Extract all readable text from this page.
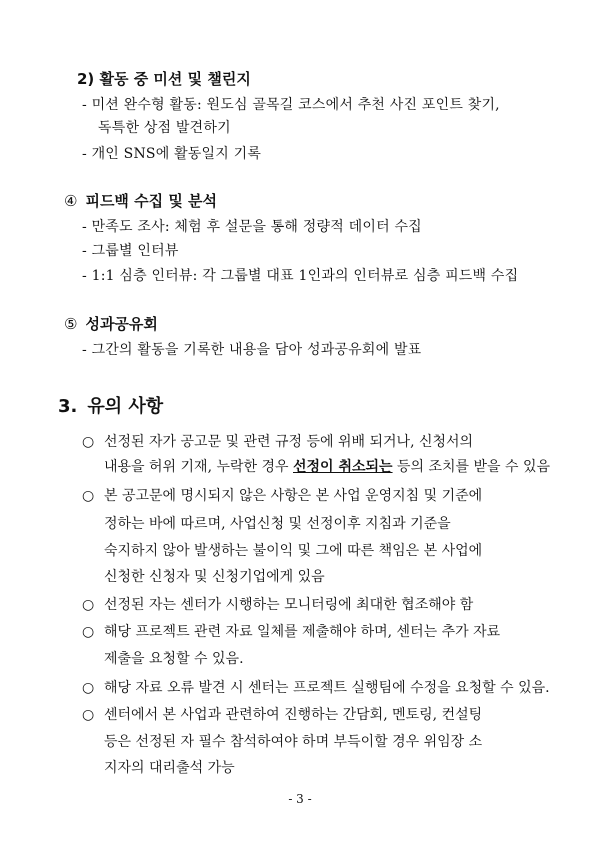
2) 활동 중 미션 및 챌린지
- 미션 완수형 활동: 원도심 골목길 코스에서 추천 사진 포인트 찾기,
독특한 상점 발견하기
- 개인 SNS에 활동일지 기록
④ 피드백 수집 및 분석
- 만족도 조사: 체험 후 설문을 통해 정량적 데이터 수집
- 그룹별 인터뷰
- 1:1 심층 인터뷰: 각 그룹별 대표 1인과의 인터뷰로 심층 피드백 수집
⑤ 성과공유회
- 그간의 활동을 기록한 내용을 담아 성과공유회에 발표
3. 유의 사항
○ 선정된 자가 공고문 및 관련 규정 등에 위배 되거나, 신청서의
내용을 허위 기재, 누락한 경우 선정이 취소되는 등의 조치를 받을 수 있음
○ 본 공고문에 명시되지 않은 사항은 본 사업 운영지침 및 기준에
정하는 바에 따르며, 사업신청 및 선정이후 지침과 기준을
숙지하지 않아 발생하는 불이익 및 그에 따른 책임은 본 사업에
신청한 신청자 및 신청기업에게 있음
○ 선정된 자는 센터가 시행하는 모니터링에 최대한 협조해야 함
○ 해당 프로젝트 관련 자료 일체를 제출해야 하며, 센터는 추가 자료
제출을 요청할 수 있음.
○ 해당 자료 오류 발견 시 센터는 프로젝트 실행팀에 수정을 요청할 수 있음.
○ 센터에서 본 사업과 관련하여 진행하는 간담회, 멘토링, 컨설팅
등은 선정된 자 필수 참석하여야 하며 부득이할 경우 위임장 소
지자의 대리출석 가능
- 3 -
